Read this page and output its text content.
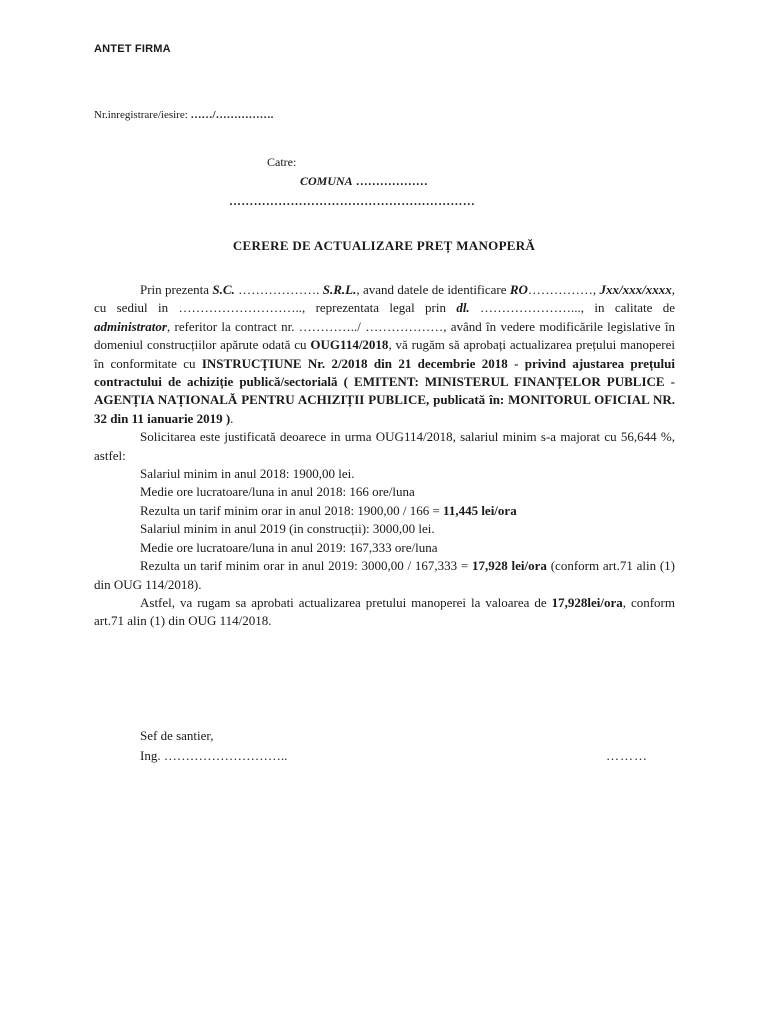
ANTET FIRMA
Nr.inregistrare/iesire: ……/…………….
Catre:
COMUNA ………………
……………………………………………………
CERERE DE ACTUALIZARE PREȚ MANOPERĂ

Prin prezenta S.C. ………………. S.R.L., avand datele de identificare RO……………, Jxx/xxx/xxxx, cu sediul in ……………………….., reprezentata legal prin dl. …………………..., in calitate de administrator, referitor la contract nr. …………../ ………………, având în vedere modificările legislative în domeniul construcțiilor apărute odată cu OUG114/2018, vă rugăm să aprobați actualizarea prețului manoperei în conformitate cu INSTRUCȚIUNE Nr. 2/2018 din 21 decembrie 2018 - privind ajustarea prețului contractului de achiziție publică/sectorială ( EMITENT: MINISTERUL FINANȚELOR PUBLICE - AGENȚIA NAȚIONALĂ PENTRU ACHIZIȚII PUBLICE, publicată în: MONITORUL OFICIAL NR. 32 din 11 ianuarie 2019 ).

Solicitarea este justificată deoarece in urma OUG114/2018, salariul minim s-a majorat cu 56,644 %, astfel:

Salariul minim in anul 2018: 1900,00 lei.

Medie ore lucratoare/luna in anul 2018: 166 ore/luna

Rezulta un tarif minim orar in anul 2018: 1900,00 / 166 = 11,445 lei/ora

Salariul minim in anul 2019 (in construcții): 3000,00 lei.

Medie ore lucratoare/luna in anul 2019: 167,333 ore/luna

Rezulta un tarif minim orar in anul 2019: 3000,00 / 167,333 = 17,928 lei/ora (conform art.71 alin (1) din OUG 114/2018).

Astfel, va rugam sa aprobati actualizarea pretului manoperei la valoarea de 17,928lei/ora, conform art.71 alin (1) din OUG 114/2018.

Sef de santier,
Ing. ………………………..	………
